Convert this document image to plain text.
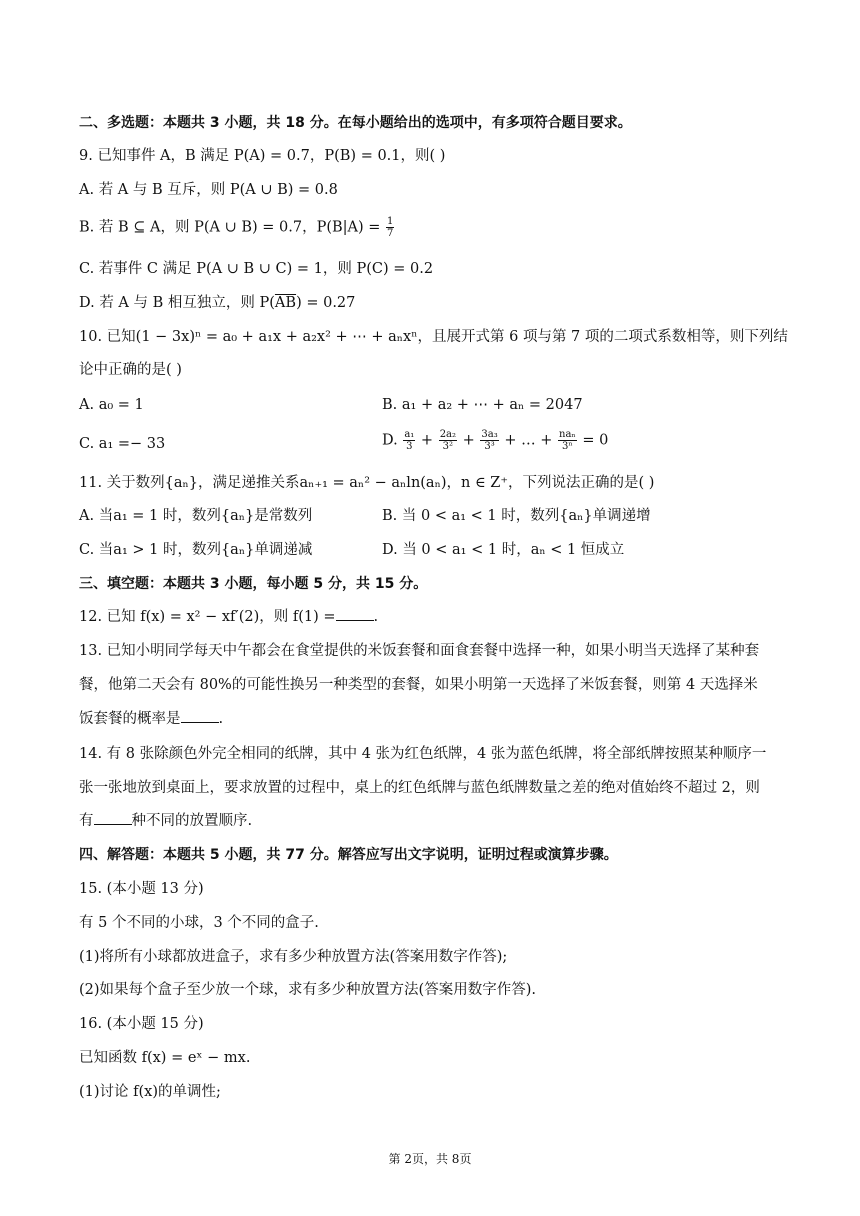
二、多选题：本题共 3 小题，共 18 分。在每小题给出的选项中，有多项符合题目要求。
9. 已知事件 A，B 满足 P(A) = 0.7，P(B) = 0.1，则( )
A. 若 A 与 B 互斥，则 P(A ∪ B) = 0.8
B. 若 B ⊆ A，则 P(A ∪ B) = 0.7，$P(B|A) = \frac{1}{7}$
C. 若事件 C 满足 P(A ∪ B ∪ C) = 1，则 P(C) = 0.2
D. 若 A 与 B 相互独立，则 $P(\overline{AB}) = 0.27$
10. 已知(1 − 3x)ⁿ = a₀ + a₁x + a₂x² + ⋯ + aₙxⁿ，且展开式第 6 项与第 7 项的二项式系数相等，则下列结
论中正确的是( )
A. a₀ = 1	B. a₁ + a₂ + ⋯ + aₙ = 2047
C. a₁ =− 33	D. $\frac{\text{a₁}}{3} + \frac{\text{2a₂}}{\text{3²}} + \frac{\text{3a₃}}{\text{3³}}$ + … + $\frac{\text{naₙ}}{\text{3ⁿ}} = 0$
11. 关于数列{aₙ}，满足递推关系aₙ₊₁ = aₙ² − aₙln(aₙ)，n ∈ Z⁺，下列说法正确的是( )
A. 当a₁ = 1 时，数列{aₙ}是常数列	B. 当 0 < a₁ < 1 时，数列{aₙ}单调递增
C. 当a₁ > 1 时，数列{aₙ}单调递减	D. 当 0 < a₁ < 1 时，aₙ < 1 恒成立
三、填空题：本题共 3 小题，每小题 5 分，共 15 分。
12. 已知 f(x) = x² − xf′(2)，则 f(1) =	.
13. 已知小明同学每天中午都会在食堂提供的米饭套餐和面食套餐中选择一种，如果小明当天选择了某种套
餐，他第二天会有 80%的可能性换另一种类型的套餐，如果小明第一天选择了米饭套餐，则第 4 天选择米
饭套餐的概率是	.
14. 有 8 张除颜色外完全相同的纸牌，其中 4 张为红色纸牌，4 张为蓝色纸牌，将全部纸牌按照某种顺序一
张一张地放到桌面上，要求放置的过程中，桌上的红色纸牌与蓝色纸牌数量之差的绝对值始终不超过 2，则
有	种不同的放置顺序.
四、解答题：本题共 5 小题，共 77 分。解答应写出文字说明，证明过程或演算步骤。
15. (本小题 13 分)
有 5 个不同的小球，3 个不同的盒子.
(1)将所有小球都放进盒子，求有多少种放置方法(答案用数字作答);
(2)如果每个盒子至少放一个球，求有多少种放置方法(答案用数字作答).
16. (本小题 15 分)
已知函数 f(x) = eˣ − mx.
(1)讨论 f(x)的单调性;
第 2页，共 8页
